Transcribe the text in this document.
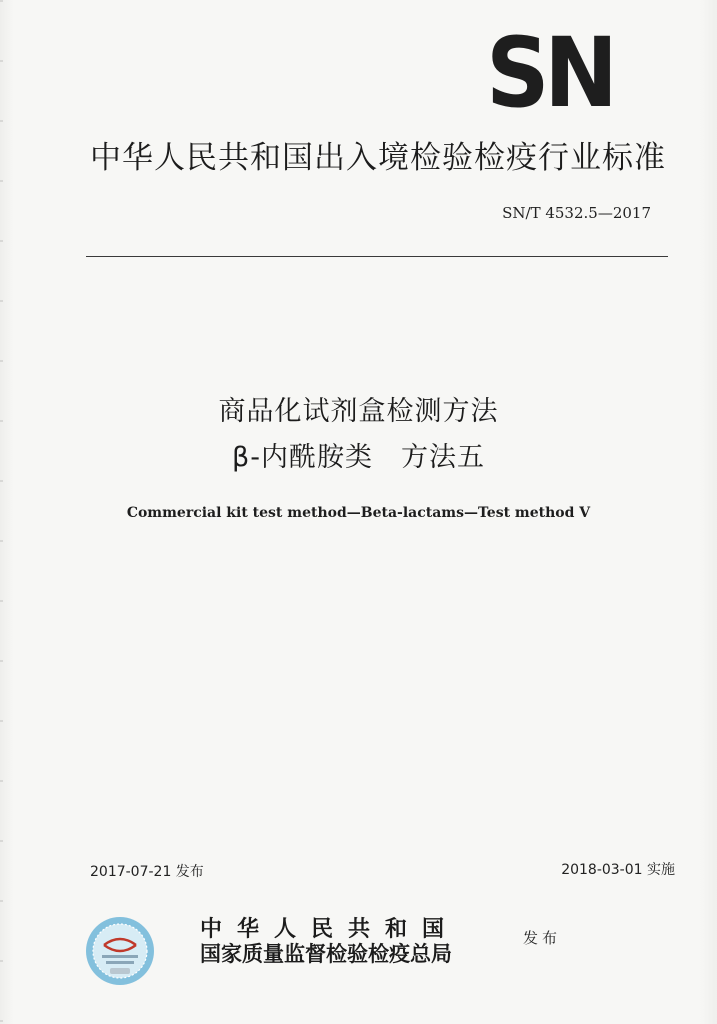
SN
中华人民共和国出入境检验检疫行业标准
SN/T 4532.5—2017
商品化试剂盒检测方法
β-内酰胺类　方法五
Commercial kit test method—Beta-lactams—Test method Ⅴ
2017-07-21 发布	2018-03-01 实施
中华人民共和国
国家质量监督检验检疫总局
发布
